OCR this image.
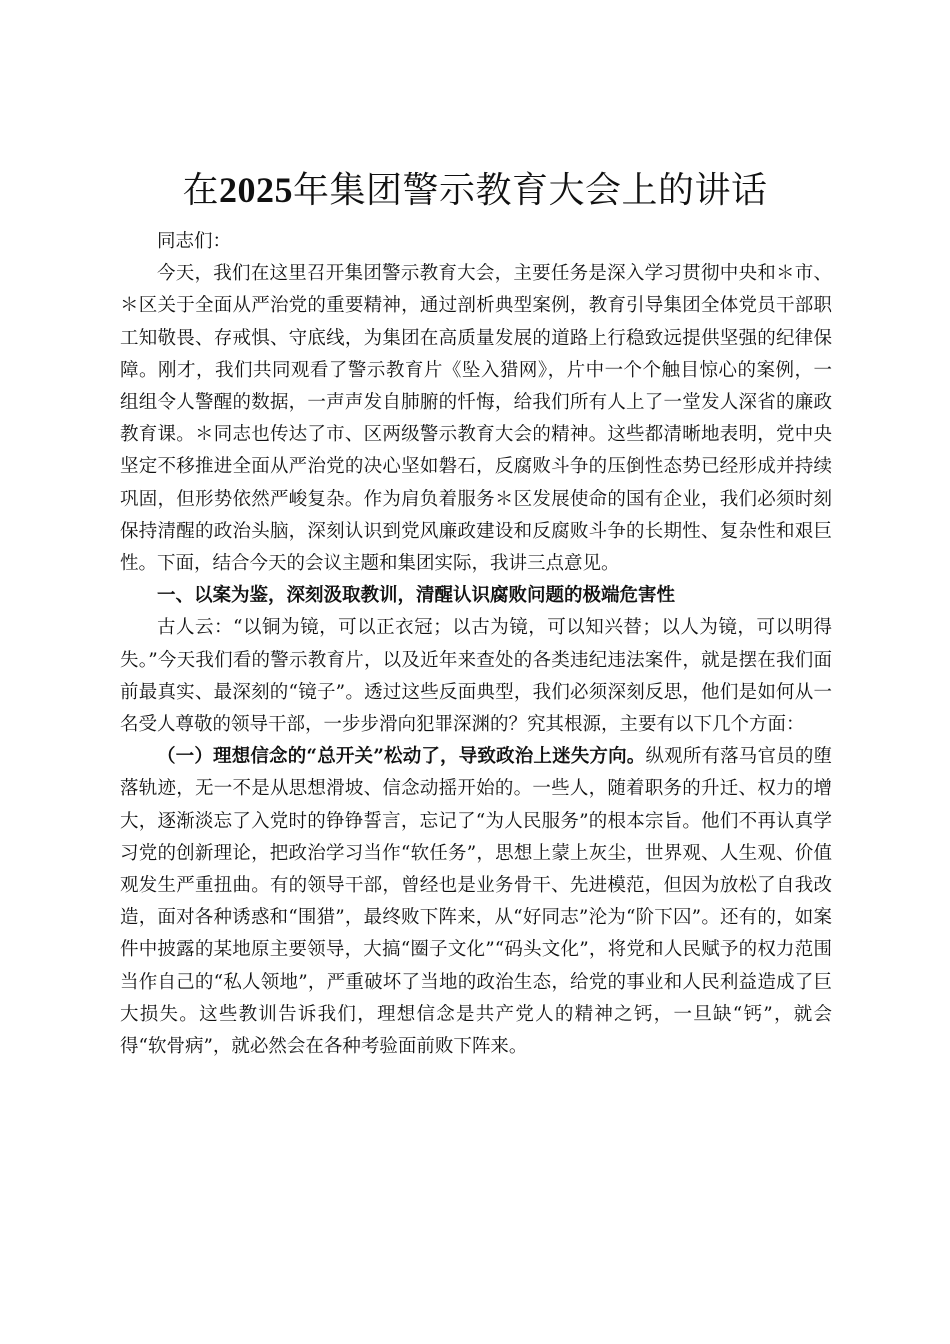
在2025年集团警示教育大会上的讲话

同志们：

今天，我们在这里召开集团警示教育大会，主要任务是深入学习贯彻中央和＊市、＊区关于全面从严治党的重要精神，通过剖析典型案例，教育引导集团全体党员干部职工知敬畏、存戒惧、守底线，为集团在高质量发展的道路上行稳致远提供坚强的纪律保障。刚才，我们共同观看了警示教育片《坠入猎网》，片中一个个触目惊心的案例，一组组令人警醒的数据，一声声发自肺腑的忏悔，给我们所有人上了一堂发人深省的廉政教育课。＊同志也传达了市、区两级警示教育大会的精神。这些都清晰地表明，党中央坚定不移推进全面从严治党的决心坚如磐石，反腐败斗争的压倒性态势已经形成并持续巩固，但形势依然严峻复杂。作为肩负着服务＊区发展使命的国有企业，我们必须时刻保持清醒的政治头脑，深刻认识到党风廉政建设和反腐败斗争的长期性、复杂性和艰巨性。下面，结合今天的会议主题和集团实际，我讲三点意见。

一、以案为鉴，深刻汲取教训，清醒认识腐败问题的极端危害性

古人云：“以铜为镜，可以正衣冠；以古为镜，可以知兴替；以人为镜，可以明得失。”今天我们看的警示教育片，以及近年来查处的各类违纪违法案件，就是摆在我们面前最真实、最深刻的“镜子”。透过这些反面典型，我们必须深刻反思，他们是如何从一名受人尊敬的领导干部，一步步滑向犯罪深渊的？究其根源，主要有以下几个方面：

（一）理想信念的“总开关”松动了，导致政治上迷失方向。纵观所有落马官员的堕落轨迹，无一不是从思想滑坡、信念动摇开始的。一些人，随着职务的升迁、权力的增大，逐渐淡忘了入党时的铮铮誓言，忘记了“为人民服务”的根本宗旨。他们不再认真学习党的创新理论，把政治学习当作“软任务”，思想上蒙上灰尘，世界观、人生观、价值观发生严重扭曲。有的领导干部，曾经也是业务骨干、先进模范，但因为放松了自我改造，面对各种诱惑和“围猎”，最终败下阵来，从“好同志”沦为“阶下囚”。还有的，如案件中披露的某地原主要领导，大搞“圈子文化”“码头文化”，将党和人民赋予的权力范围当作自己的“私人领地”，严重破坏了当地的政治生态，给党的事业和人民利益造成了巨大损失。这些教训告诉我们，理想信念是共产党人的精神之钙，一旦缺“钙”，就会得“软骨病”，就必然会在各种考验面前败下阵来。
